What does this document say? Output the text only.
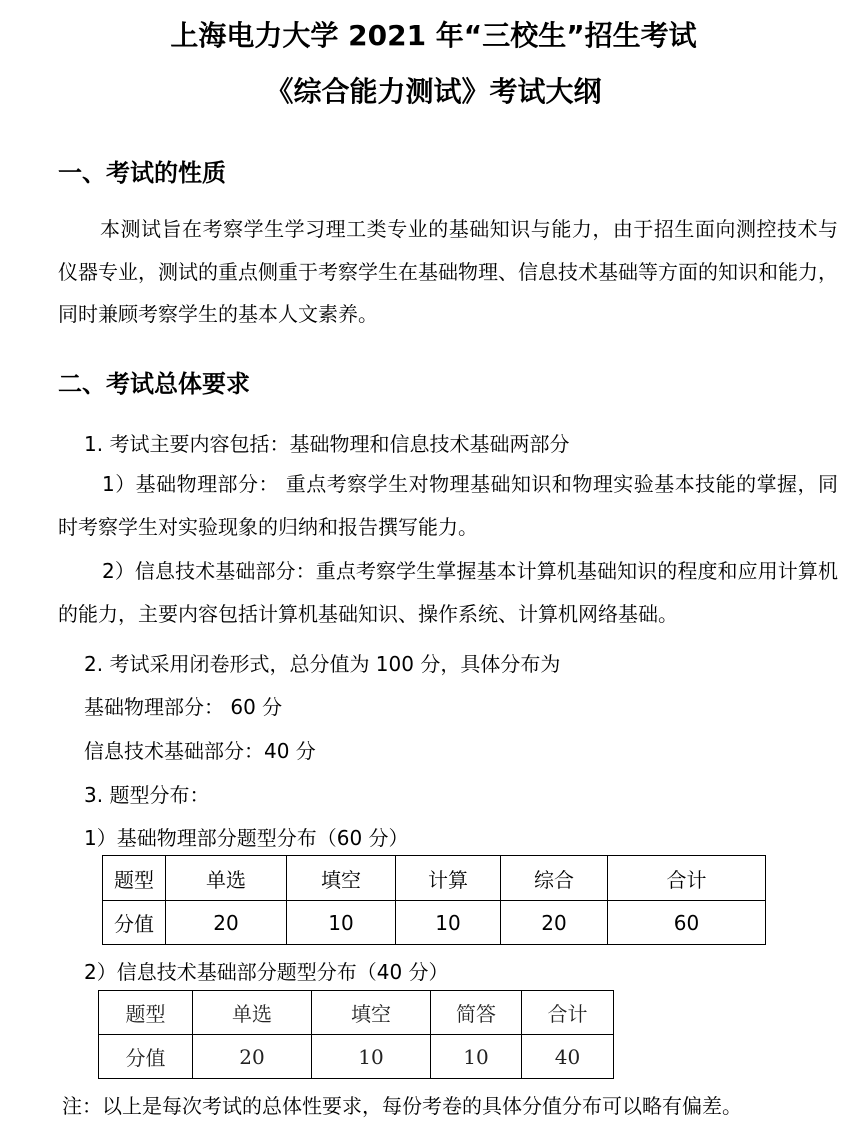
上海电力大学 2021 年“三校生”招生考试
《综合能力测试》考试大纲
一、考试的性质
本测试旨在考察学生学习理工类专业的基础知识与能力，由于招生面向测控技术与仪器专业，测试的重点侧重于考察学生在基础物理、信息技术基础等方面的知识和能力，同时兼顾考察学生的基本人文素养。
二、考试总体要求
1. 考试主要内容包括：基础物理和信息技术基础两部分
1）基础物理部分： 重点考察学生对物理基础知识和物理实验基本技能的掌握，同时考察学生对实验现象的归纳和报告撰写能力。
2）信息技术基础部分：重点考察学生掌握基本计算机基础知识的程度和应用计算机的能力，主要内容包括计算机基础知识、操作系统、计算机网络基础。
2. 考试采用闭卷形式，总分值为 100 分，具体分布为
基础物理部分： 60 分
信息技术基础部分：40 分
3. 题型分布：
1）基础物理部分题型分布（60 分）
题型	单选	填空	计算	综合	合计
分值	20	10	10	20	60
2）信息技术基础部分题型分布（40 分）
题型	单选	填空	简答	合计
分值	20	10	10	40
注：以上是每次考试的总体性要求，每份考卷的具体分值分布可以略有偏差。
